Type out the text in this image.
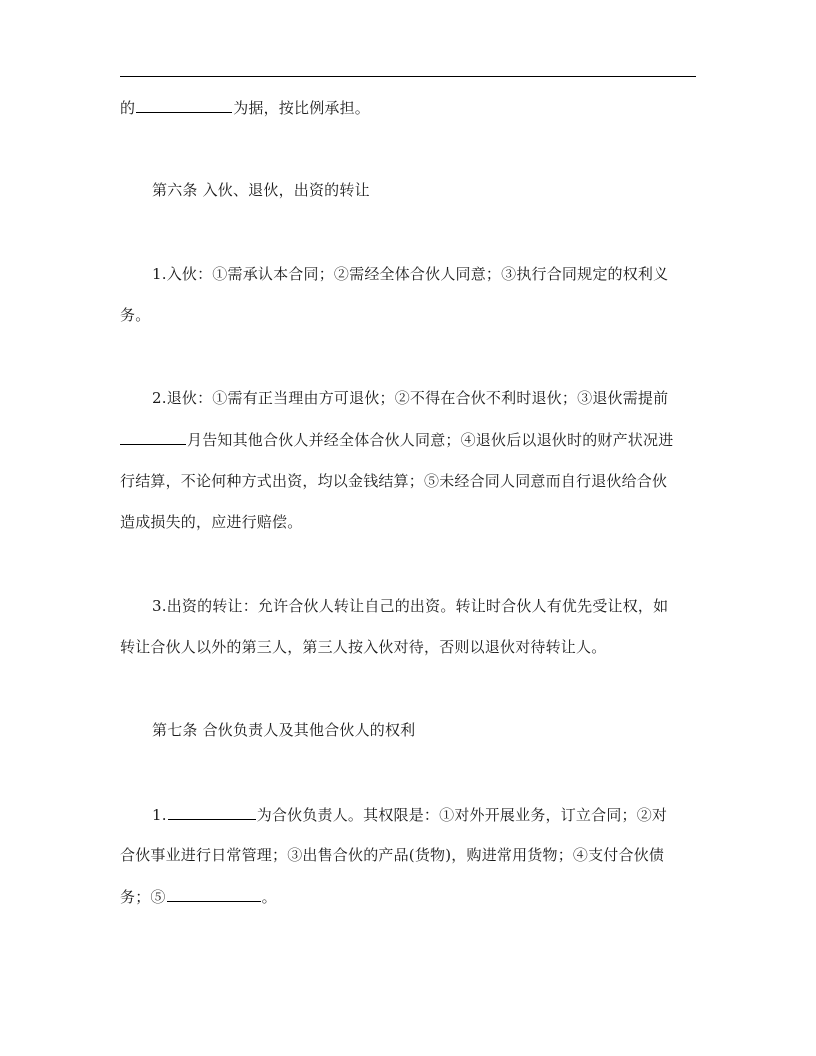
的	为据，按比例承担。
第六条 入伙、退伙，出资的转让
1.入伙：①需承认本合同；②需经全体合伙人同意；③执行合同规定的权利义
务。
2.退伙：①需有正当理由方可退伙；②不得在合伙不利时退伙；③退伙需提前
月告知其他合伙人并经全体合伙人同意；④退伙后以退伙时的财产状况进
行结算，不论何种方式出资，均以金钱结算；⑤未经合同人同意而自行退伙给合伙
造成损失的，应进行赔偿。
3.出资的转让：允许合伙人转让自己的出资。转让时合伙人有优先受让权，如
转让合伙人以外的第三人，第三人按入伙对待，否则以退伙对待转让人。
第七条 合伙负责人及其他合伙人的权利
1.	为合伙负责人。其权限是：①对外开展业务，订立合同；②对
合伙事业进行日常管理；③出售合伙的产品(货物)，购进常用货物；④支付合伙债
务；⑤	。
